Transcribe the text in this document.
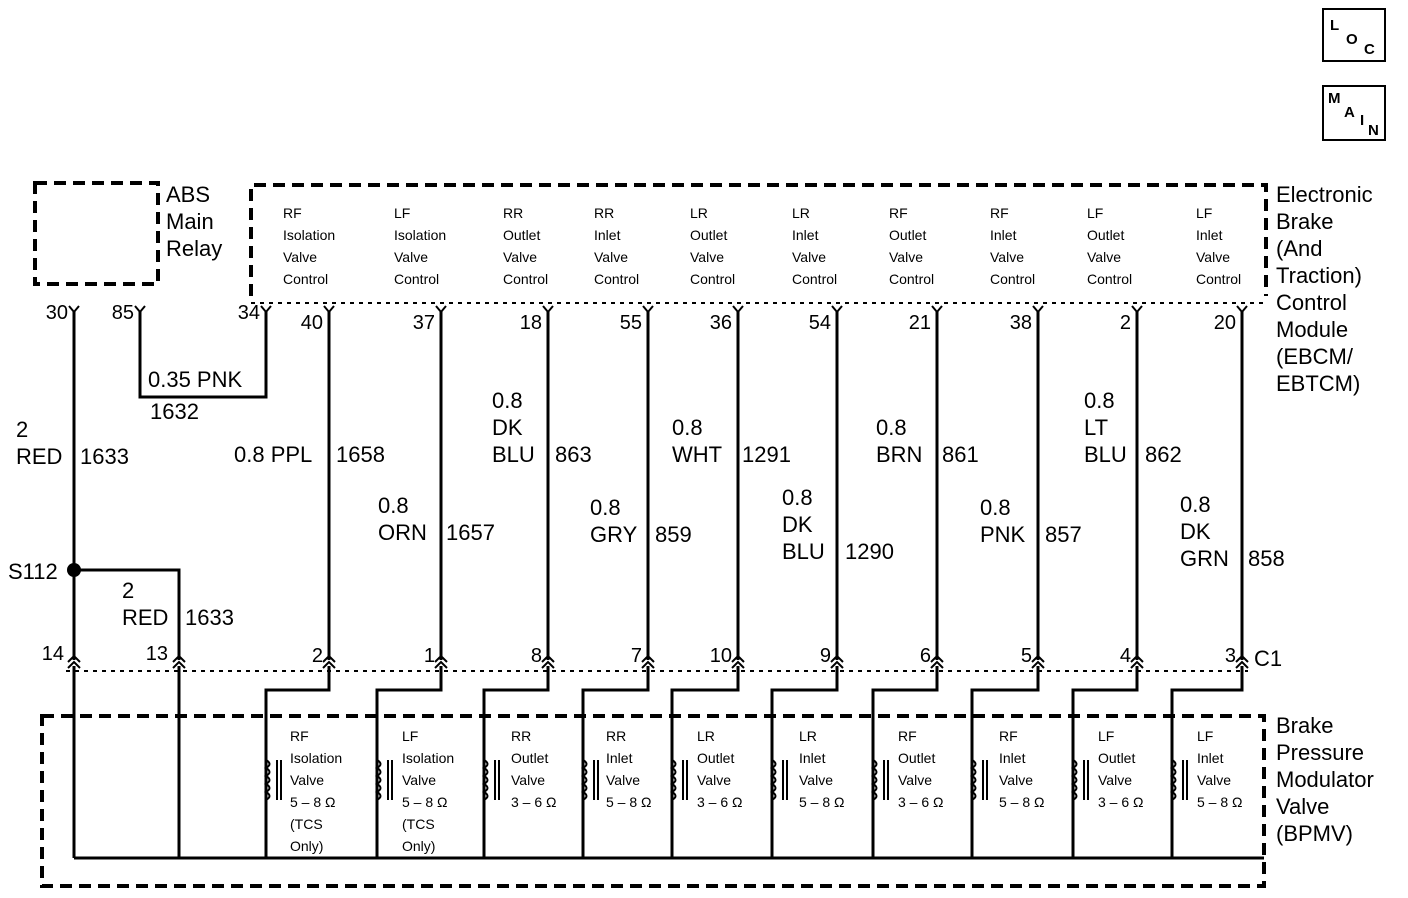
L
O
C
M
A I
N
ABS
Main
Relay
Electronic
Brake
(And
Traction)
Control
Module
(EBCM/
EBTCM)
Brake
Pressure
Modulator
Valve
(BPMV)
30	85	34
0.35 PNK
1632
2
RED 1633
S112
2
RED 1633
14	13	C1
RF
Isolation
Valve
Control
40
2
0.8 PPL 1658
RF
Isolation
Valve
5 – 8 Ω
(TCS
Only)
LF
Isolation
Valve
Control
37
1
0.8
ORN 1657
LF
Isolation
Valve
5 – 8 Ω
(TCS
Only)
RR
Outlet
Valve
Control
18
8
0.8
DK
BLU 863
RR
Outlet
Valve
3 – 6 Ω
RR
Inlet
Valve
Control
55
7
0.8
GRY 859
RR
Inlet
Valve
5 – 8 Ω
LR
Outlet
Valve
Control
36
10
0.8
WHT 1291
LR
Outlet
Valve
3 – 6 Ω
LR
Inlet
Valve
Control
54
9
0.8
DK
BLU 1290
LR
Inlet
Valve
5 – 8 Ω
RF
Outlet
Valve
Control
21
6
0.8
BRN 861
RF
Outlet
Valve
3 – 6 Ω
RF
Inlet
Valve
Control
38
5
0.8
PNK 857
RF
Inlet
Valve
5 – 8 Ω
LF
Outlet
Valve
Control
2
4
0.8
LT
BLU 862
LF
Outlet
Valve
3 – 6 Ω
LF
Inlet
Valve
Control
20
3
0.8
DK
GRN 858
LF
Inlet
Valve
5 – 8 Ω
